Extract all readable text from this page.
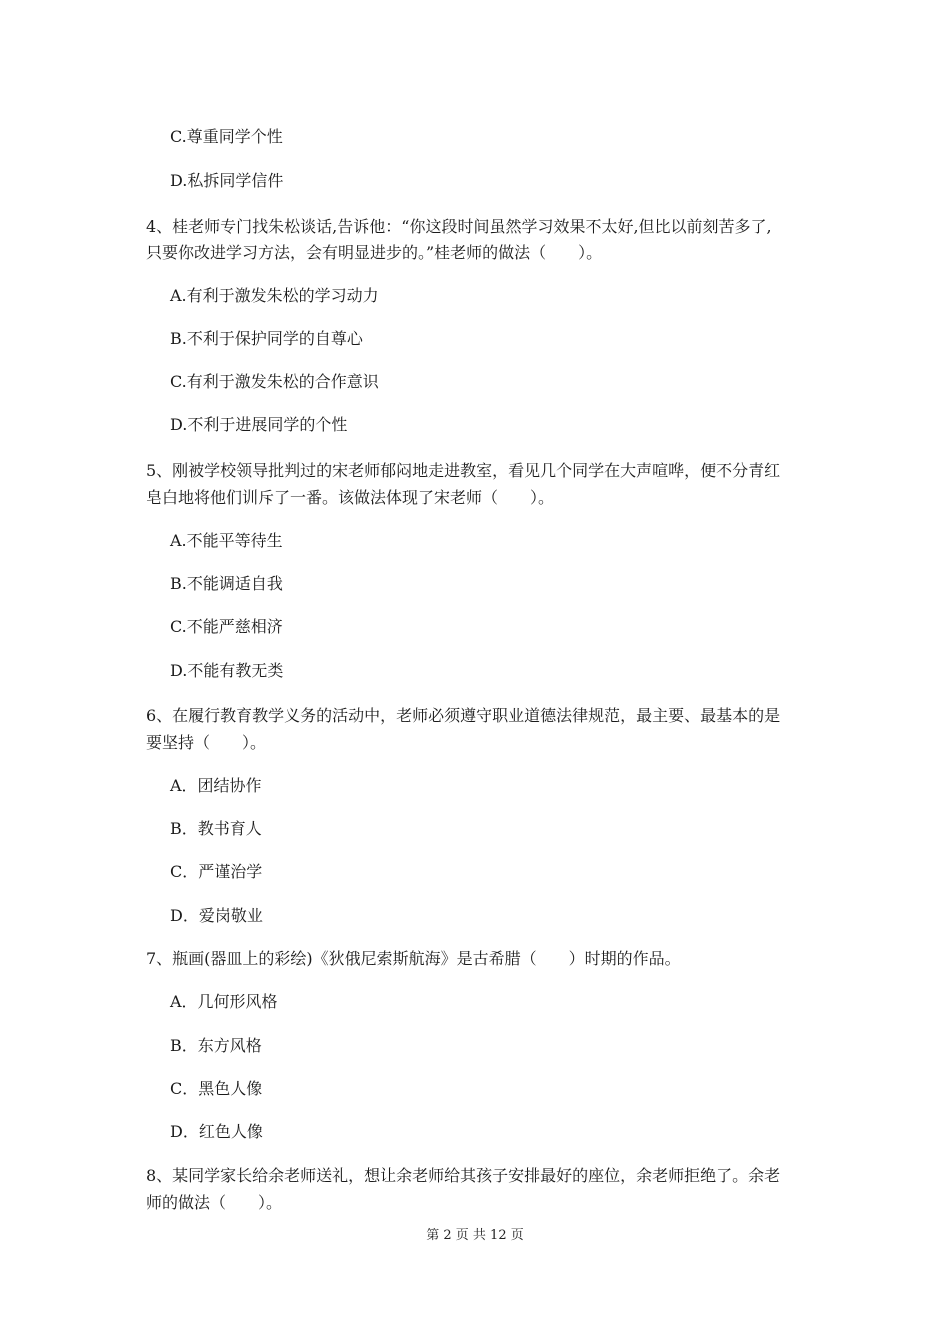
C.尊重同学个性
D.私拆同学信件
4、桂老师专门找朱松谈话,告诉他：“你这段时间虽然学习效果不太好,但比以前刻苦多了,
只要你改进学习方法，会有明显进步的。”桂老师的做法（　　）。
A.有利于激发朱松的学习动力
B.不利于保护同学的自尊心
C.有利于激发朱松的合作意识
D.不利于进展同学的个性
5、刚被学校领导批判过的宋老师郁闷地走进教室，看见几个同学在大声喧哗，便不分青红
皂白地将他们训斥了一番。该做法体现了宋老师（　　）。
A.不能平等待生
B.不能调适自我
C.不能严慈相济
D.不能有教无类
6、在履行教育教学义务的活动中，老师必须遵守职业道德法律规范，最主要、最基本的是
要坚持（　　）。
A．团结协作
B．教书育人
C．严谨治学
D．爱岗敬业
7、瓶画(器皿上的彩绘)《狄俄尼索斯航海》是古希腊（　　）时期的作品。
A．几何形风格
B．东方风格
C．黑色人像
D．红色人像
8、某同学家长给余老师送礼，想让余老师给其孩子安排最好的座位，余老师拒绝了。余老
师的做法（　　）。
第 2 页 共 12 页
